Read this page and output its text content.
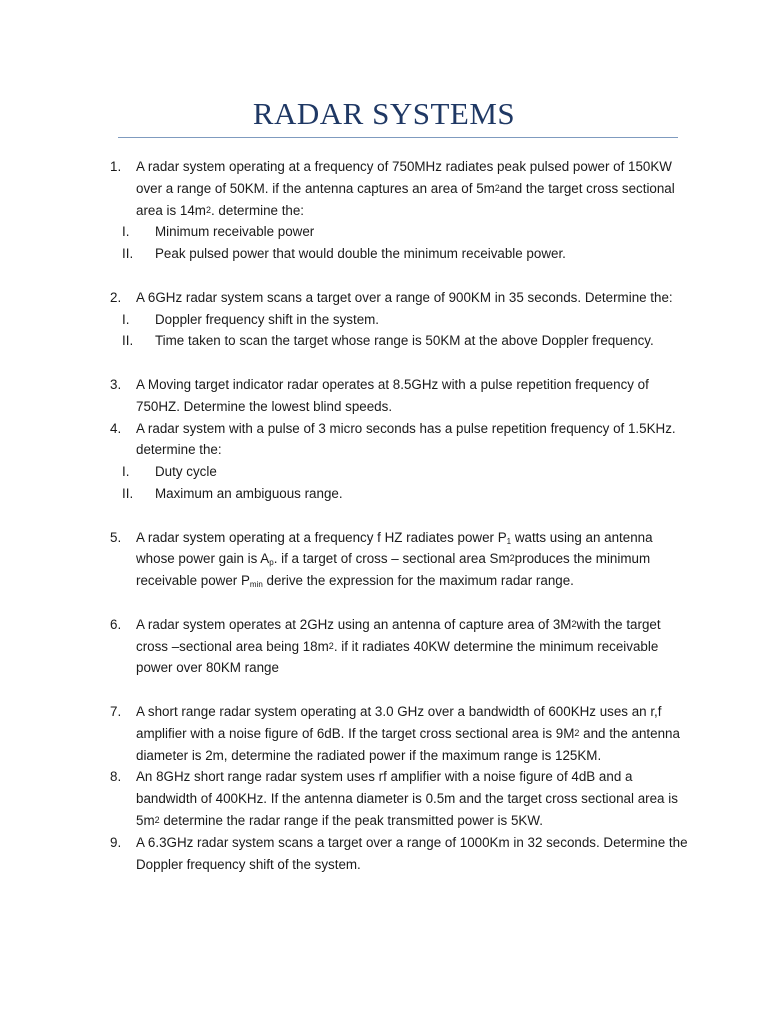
RADAR SYSTEMS
1.	A radar system operating at a frequency of 750MHz radiates peak pulsed power of 150KW over a range of 50KM. if the antenna captures an area of $5m^2and$ the target cross sectional area is $14m^2$. determine the:
I.	Minimum receivable power
II.	Peak pulsed power that would double the minimum receivable power.
2.	A 6GHz radar system scans a target over a range of 900KM in 35 seconds. Determine the:
I.	Doppler frequency shift in the system.
II.	Time taken to scan the target whose range is 50KM at the above Doppler frequency.
3.	A Moving target indicator radar operates at 8.5GHz with a pulse repetition frequency of 750HZ. Determine the lowest blind speeds.
4.	A radar system with a pulse of 3 micro seconds has a pulse repetition frequency of 1.5KHz. determine the:
I.	Duty cycle
II.	Maximum an ambiguous range.
5.	A radar system operating at a frequency f HZ radiates power $P_1$ watts using an antenna whose power gain is $A_p$. if a target of cross – sectional area Sm$^2$produces the minimum receivable power $P_{min}$ derive the expression for the maximum radar range.
6.	A radar system operates at 2GHz using an antenna of capture area of $3M^2with$ the target cross –sectional area being $18m^2$. if it radiates 40KW determine the minimum receivable power over 80KM range
7.	A short range radar system operating at 3.0 GHz over a bandwidth of 600KHz uses an r,f amplifier with a noise figure of 6dB. If the target cross sectional area is $9M^2$ and the antenna diameter is 2m, determine the radiated power if the maximum range is 125KM.
8.	An 8GHz short range radar system uses rf amplifier with a noise figure of 4dB and a bandwidth of 400KHz. If the antenna diameter is 0.5m and the target cross sectional area is $5m^2$ determine the radar range if the peak transmitted power is 5KW.
9.	A 6.3GHz radar system scans a target over a range of 1000Km in 32 seconds. Determine the Doppler frequency shift of the system.
